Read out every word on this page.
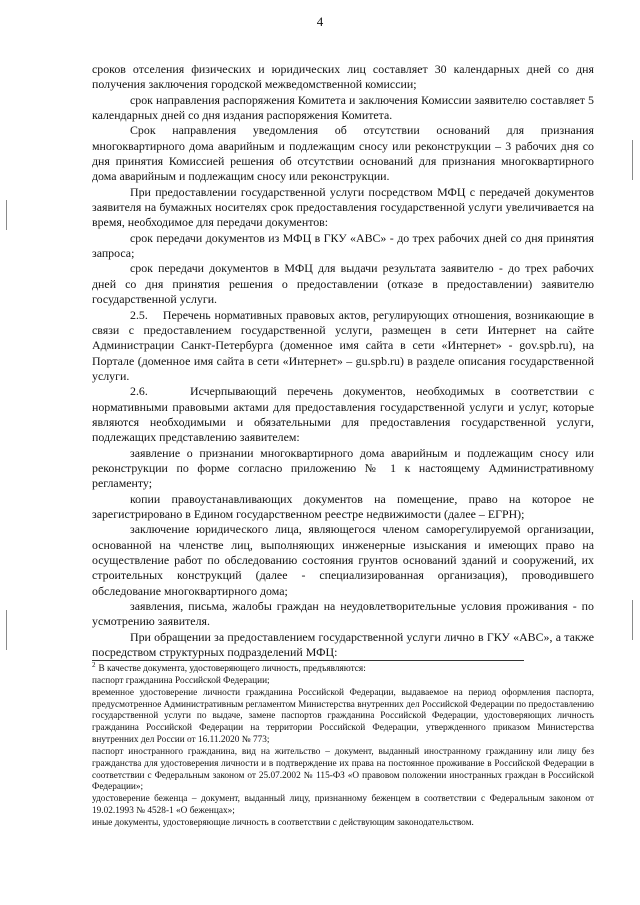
4

сроков отселения физических и юридических лиц составляет 30 календарных дней со дня получения заключения городской межведомственной комиссии;

срок направления распоряжения Комитета и заключения Комиссии заявителю составляет 5 календарных дней со дня издания распоряжения Комитета.

Срок направления уведомления об отсутствии оснований для признания многоквартирного дома аварийным и подлежащим сносу или реконструкции – 3 рабочих дня со дня принятия Комиссией решения об отсутствии оснований для признания многоквартирного дома аварийным и подлежащим сносу или реконструкции.

При предоставлении государственной услуги посредством МФЦ с передачей документов заявителя на бумажных носителях срок предоставления государственной услуги увеличивается на время, необходимое для передачи документов:

срок передачи документов из МФЦ в ГКУ «АВС» - до трех рабочих дней со дня принятия запроса;

срок передачи документов в МФЦ для выдачи результата заявителю - до трех рабочих дней со дня принятия решения о предоставлении (отказе в предоставлении) заявителю государственной услуги.

2.5.    Перечень нормативных правовых актов, регулирующих отношения, возникающие в связи с предоставлением государственной услуги, размещен в сети Интернет на сайте Администрации Санкт-Петербурга (доменное имя сайта в сети «Интернет» - gov.spb.ru), на Портале (доменное имя сайта в сети «Интернет» – gu.spb.ru) в разделе описания государственной услуги.

2.6.    Исчерпывающий перечень документов, необходимых в соответствии с нормативными правовыми актами для предоставления государственной услуги и услуг, которые являются необходимыми и обязательными для предоставления государственной услуги, подлежащих представлению заявителем:

заявление о признании многоквартирного дома аварийным и подлежащим сносу или реконструкции по форме согласно приложению № 1 к настоящему Административному регламенту;

копии правоустанавливающих документов на помещение, право на которое не зарегистрировано в Едином государственном реестре недвижимости (далее – ЕГРН);

заключение юридического лица, являющегося членом саморегулируемой организации, основанной на членстве лиц, выполняющих инженерные изыскания и имеющих право на осуществление работ по обследованию состояния грунтов оснований зданий и сооружений, их строительных конструкций (далее - специализированная организация), проводившего обследование многоквартирного дома;

заявления, письма, жалобы граждан на неудовлетворительные условия проживания - по усмотрению заявителя.

При обращении за предоставлением государственной услуги лично в ГКУ «АВС», а также посредством структурных подразделений МФЦ:

$^2$ В качестве документа, удостоверяющего личность, предъявляются:

паспорт гражданина Российской Федерации;

временное удостоверение личности гражданина Российской Федерации, выдаваемое на период оформления паспорта, предусмотренное Административным регламентом Министерства внутренних дел Российской Федерации по предоставлению государственной услуги по выдаче, замене паспортов гражданина Российской Федерации, удостоверяющих личность гражданина Российской Федерации на территории Российской Федерации, утвержденного приказом Министерства внутренних дел России от 16.11.2020 № 773;

паспорт иностранного гражданина, вид на жительство – документ, выданный иностранному гражданину или лицу без гражданства для удостоверения личности и в подтверждение их права на постоянное проживание в Российской Федерации в соответствии с Федеральным законом от 25.07.2002 № 115-ФЗ «О правовом положении иностранных граждан в Российской Федерации»;

удостоверение беженца – документ, выданный лицу, признанному беженцем в соответствии с Федеральным законом от 19.02.1993 № 4528-1 «О беженцах»;

иные документы, удостоверяющие личность в соответствии с действующим законодательством.
